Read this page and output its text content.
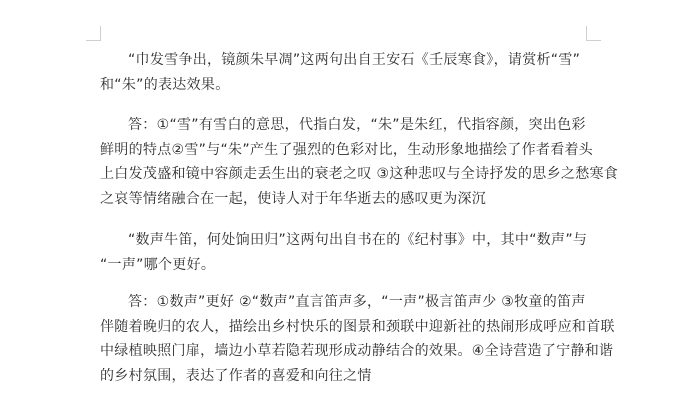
“巾发雪争出，镜颜朱早凋”这两句出自王安石《壬辰寒食》，请赏析“雪”
和“朱”的表达效果。

答：①“雪”有雪白的意思，代指白发，“朱”是朱红，代指容颜，突出色彩
鲜明的特点②雪”与“朱”产生了强烈的色彩对比，生动形象地描绘了作者看着头
上白发茂盛和镜中容颜走丢生出的衰老之叹 ③这种悲叹与全诗抒发的思乡之愁寒食
之哀等情绪融合在一起，使诗人对于年华逝去的感叹更为深沉

“数声牛笛，何处饷田归”这两句出自书在的《纪村事》中，其中“数声”与
“一声”哪个更好。

答：①数声”更好 ②“数声”直言笛声多，“一声”极言笛声少 ③牧童的笛声
伴随着晚归的农人，描绘出乡村快乐的图景和颈联中迎新社的热闹形成呼应和首联
中绿植映照门扉，墙边小草若隐若现形成动静结合的效果。④全诗营造了宁静和谐
的乡村氛围，表达了作者的喜爱和向往之情
